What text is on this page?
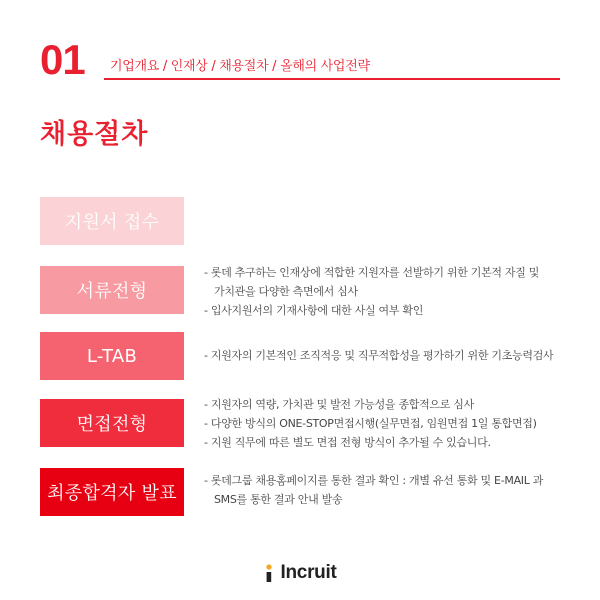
01 기업개요 / 인재상 / 채용절차 / 올해의 사업전략
채용절차
지원서 접수
서류전형

- 롯데 추구하는 인재상에 적합한 지원자를 선발하기 위한 기본적 자질 및

가치관을 다양한 측면에서 심사

- 입사지원서의 기재사항에 대한 사실 여부 확인

L-TAB	- 지원자의 기본적인 조직적응 및 직무적합성을 평가하기 위한 기초능력검사

면접전형

- 지원자의 역량, 가치관 및 발전 가능성을 종합적으로 심사

- 다양한 방식의 ONE-STOP면접시행(실무면접, 임원면접 1일 통합면접)

- 지원 직무에 따른 별도 면접 전형 방식이 추가될 수 있습니다.

최종합격자 발표

- 롯데그룹 채용홈페이지를 통한 결과 확인 : 개별 유선 통화 및 E-MAIL 과

SMS를 통한 결과 안내 발송

Incruit
